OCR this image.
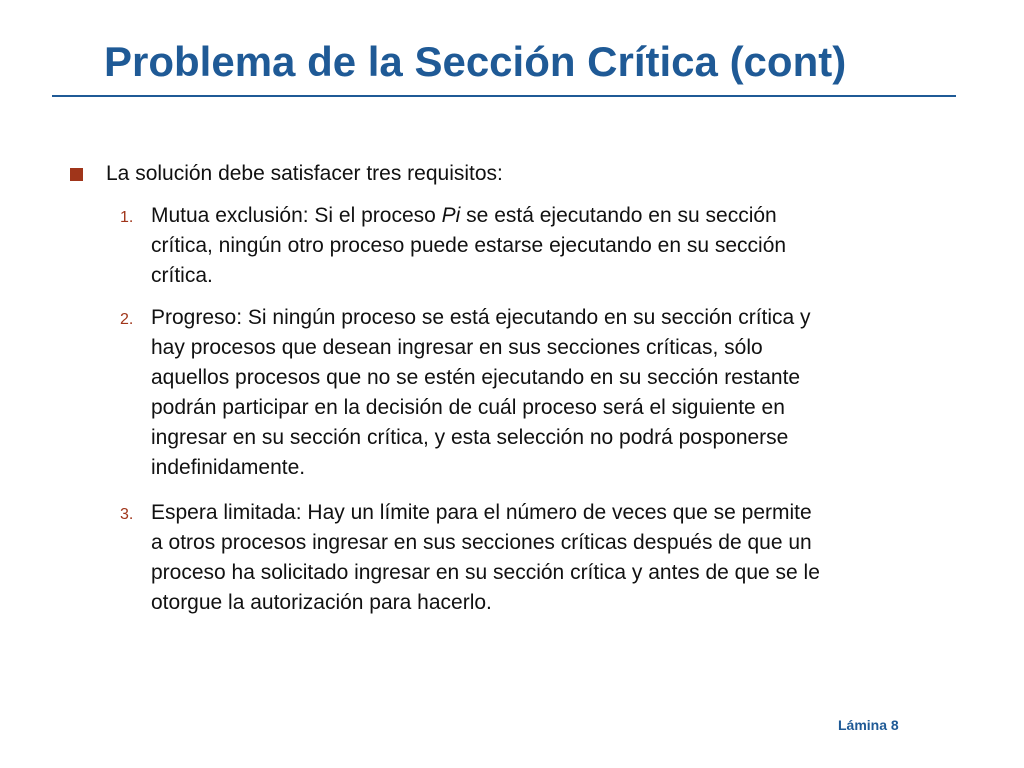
Problema de la Sección Crítica (cont)
La solución debe satisfacer tres requisitos:
1. Mutua exclusión: Si el proceso Pi se está ejecutando en su sección
crítica, ningún otro proceso puede estarse ejecutando en su sección
crítica.

2. Progreso: Si ningún proceso se está ejecutando en su sección crítica y
hay procesos que desean ingresar en sus secciones críticas, sólo
aquellos procesos que no se estén ejecutando en su sección restante
podrán participar en la decisión de cuál proceso será el siguiente en
ingresar en su sección crítica, y esta selección no podrá posponerse
indefinidamente.

3. Espera limitada: Hay un límite para el número de veces que se permite
a otros procesos ingresar en sus secciones críticas después de que un
proceso ha solicitado ingresar en su sección crítica y antes de que se le
otorgue la autorización para hacerlo.

Lámina 8
